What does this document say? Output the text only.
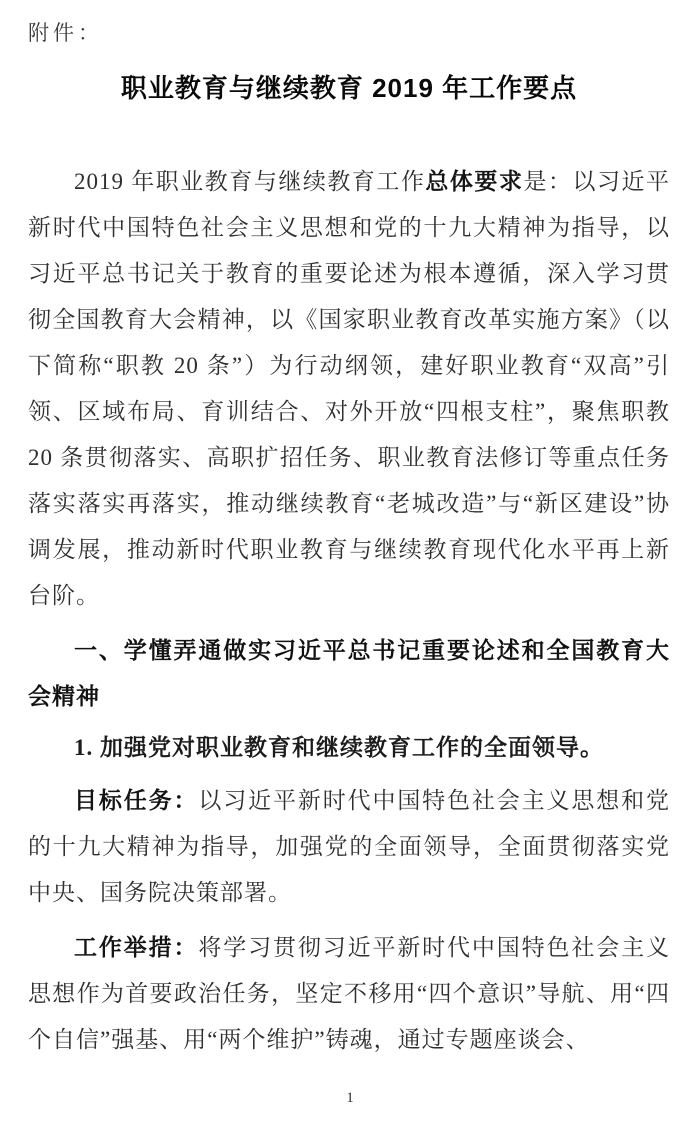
附件：
职业教育与继续教育 2019 年工作要点

2019 年职业教育与继续教育工作总体要求是：以习近平新时代中国特色社会主义思想和党的十九大精神为指导，以习近平总书记关于教育的重要论述为根本遵循，深入学习贯彻全国教育大会精神，以《国家职业教育改革实施方案》（以下简称“职教 20 条”）为行动纲领，建好职业教育“双高”引领、区域布局、育训结合、对外开放“四根支柱”，聚焦职教 20 条贯彻落实、高职扩招任务、职业教育法修订等重点任务落实落实再落实，推动继续教育“老城改造”与“新区建设”协调发展，推动新时代职业教育与继续教育现代化水平再上新台阶。

一、学懂弄通做实习近平总书记重要论述和全国教育大会精神

1. 加强党对职业教育和继续教育工作的全面领导。

目标任务：以习近平新时代中国特色社会主义思想和党的十九大精神为指导，加强党的全面领导，全面贯彻落实党中央、国务院决策部署。

工作举措：将学习贯彻习近平新时代中国特色社会主义思想作为首要政治任务，坚定不移用“四个意识”导航、用“四个自信”强基、用“两个维护”铸魂，通过专题座谈会、

1
